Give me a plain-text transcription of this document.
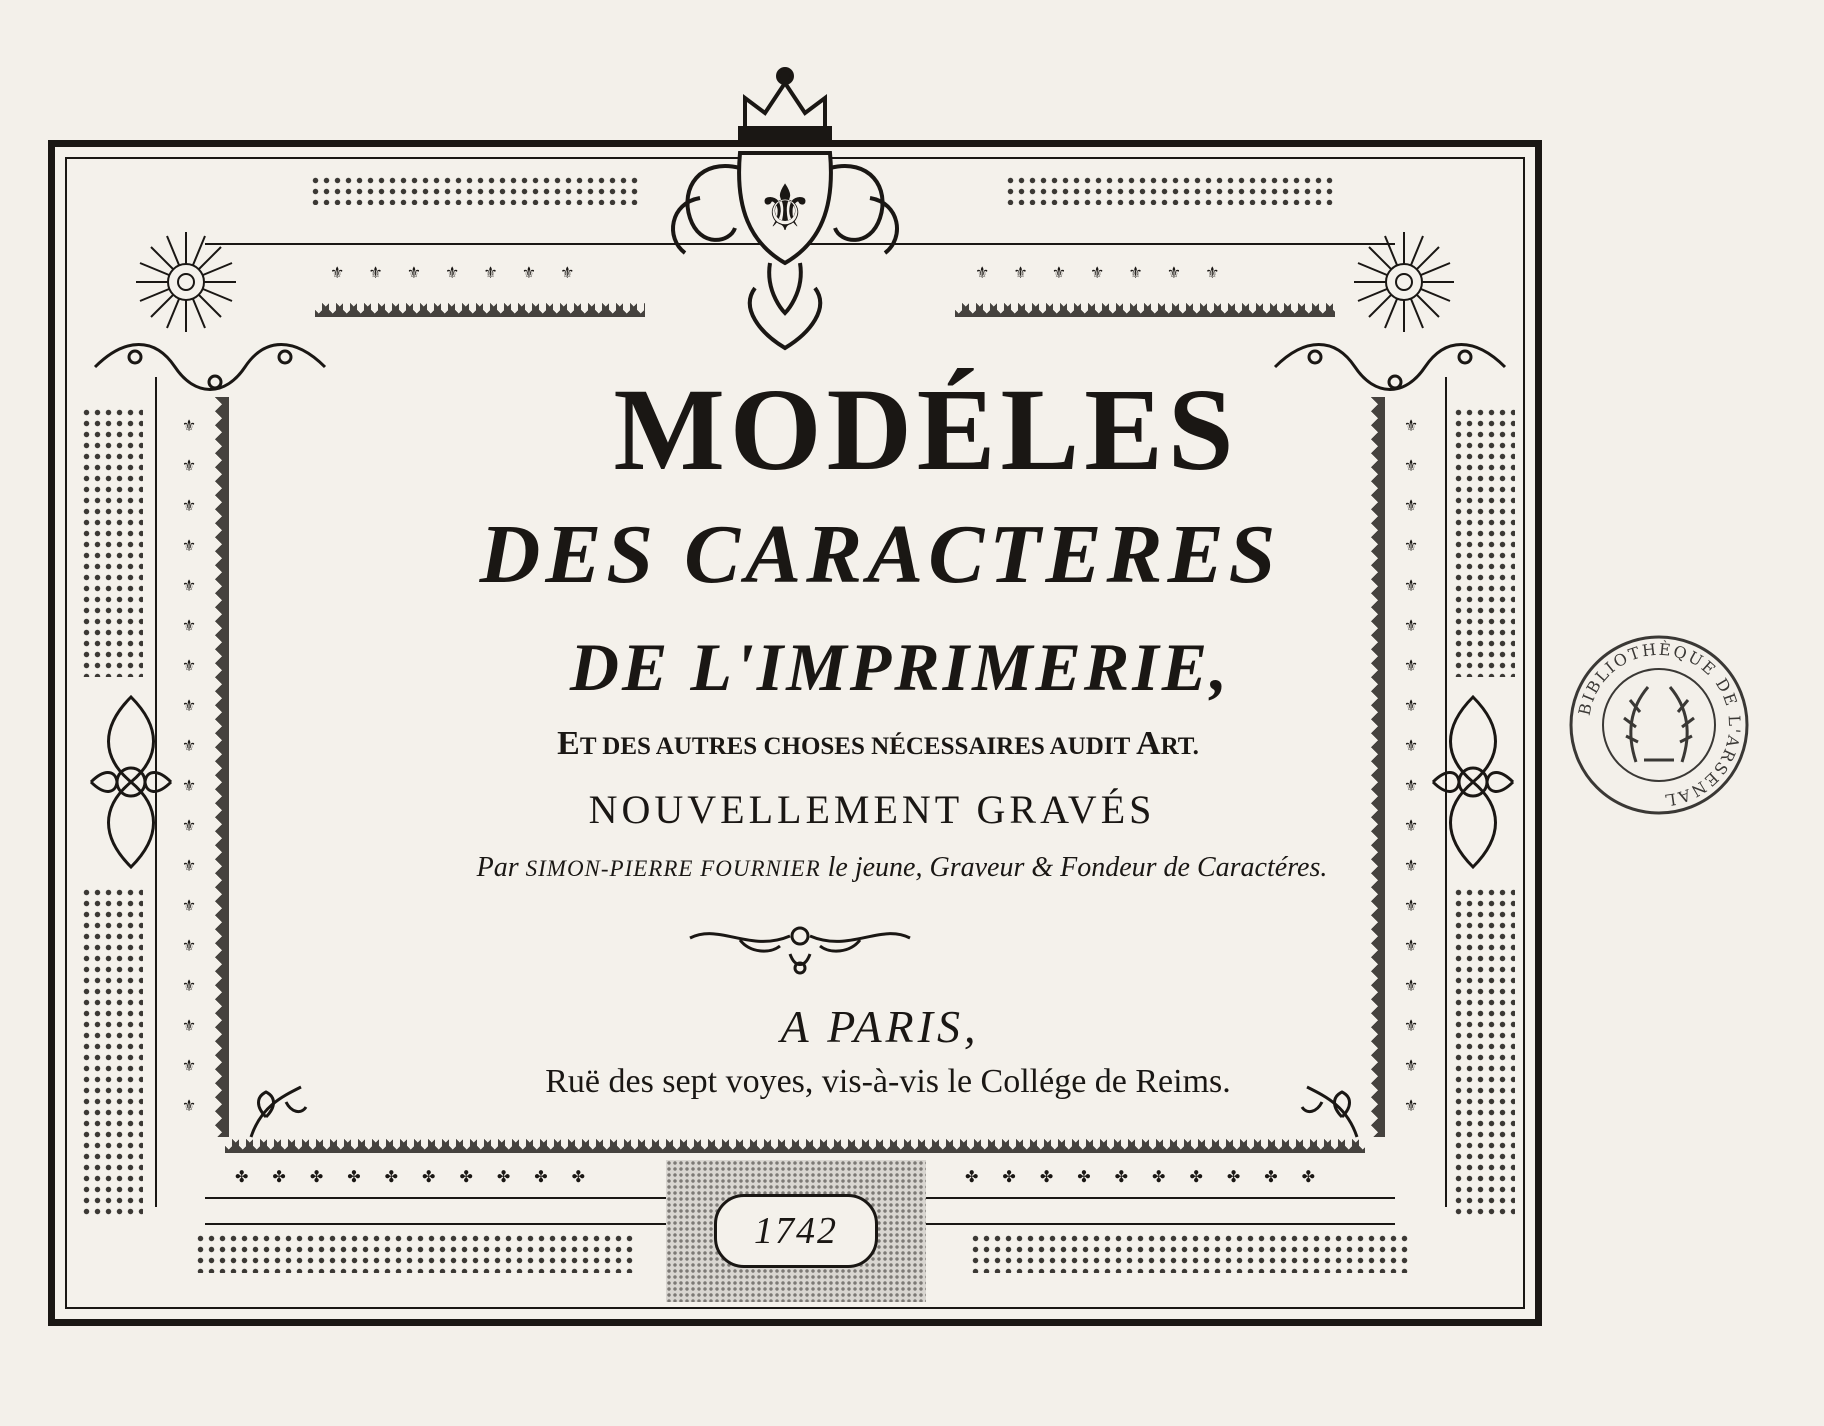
⚜ ⚜ ⚜ ⚜ ⚜ ⚜ ⚜	⚜ ⚜ ⚜ ⚜ ⚜ ⚜ ⚜
✤ ✤ ✤ ✤ ✤ ✤ ✤ ✤ ✤ ✤	✤ ✤ ✤ ✤ ✤ ✤ ✤ ✤ ✤ ✤
⚜ ⚜ ⚜ ⚜ ⚜ ⚜ ⚜ ⚜ ⚜ ⚜ ⚜ ⚜ ⚜ ⚜ ⚜ ⚜ ⚜ ⚜
⚜ ⚜ ⚜ ⚜ ⚜ ⚜ ⚜ ⚜ ⚜ ⚜ ⚜ ⚜ ⚜ ⚜ ⚜ ⚜ ⚜ ⚜
⚜
MODÉLES
DES CARACTERES
DE L'IMPRIMERIE,

ET DES AUTRES CHOSES NÉCESSAIRES AUDIT ART.

NOUVELLEMENT GRAVÉS

Par SIMON-PIERRE FOURNIER le jeune, Graveur & Fondeur de Caractéres.

A PARIS,

Ruë des sept voyes, vis-à-vis le Collége de Reims.

1742
BIBLIOTHÈQUE DE L'ARSENAL
